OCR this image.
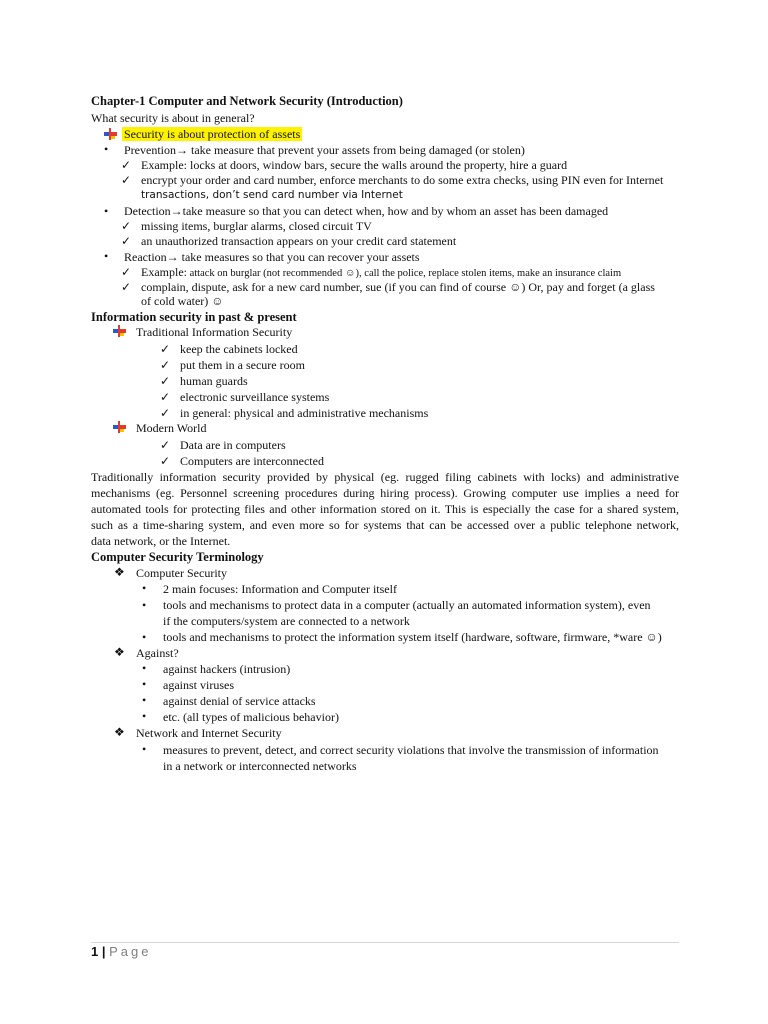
Chapter-1 Computer and Network Security (Introduction)
What security is about in general?
Security is about protection of assets
• Prevention→ take measure that prevent your assets from being damaged (or stolen)
✓ Example: locks at doors, window bars, secure the walls around the property, hire a guard
✓ encrypt your order and card number, enforce merchants to do some extra checks, using PIN even for Internet
transactions, don’t send card number via Internet
• Detection→take measure so that you can detect when, how and by whom an asset has been damaged
✓ missing items, burglar alarms, closed circuit TV
✓ an unauthorized transaction appears on your credit card statement
• Reaction→ take measures so that you can recover your assets
✓ Example: attack on burglar (not recommended ☺), call the police, replace stolen items, make an insurance claim
✓ complain, dispute, ask for a new card number, sue (if you can find of course ☺) Or, pay and forget (a glass
of cold water) ☺
Information security in past & present
Traditional Information Security
✓ keep the cabinets locked
✓ put them in a secure room
✓ human guards
✓ electronic surveillance systems
✓ in general: physical and administrative mechanisms
Modern World
✓ Data are in computers
✓ Computers are interconnected
Traditionally information security provided by physical (eg. rugged filing cabinets with locks) and administrative
mechanisms (eg. Personnel screening procedures during hiring process). Growing computer use implies a need for
automated tools for protecting files and other information stored on it. This is especially the case for a shared system,
such as a time-sharing system, and even more so for systems that can be accessed over a public telephone network,
data network, or the Internet.
Computer Security Terminology
❖ Computer Security
• 2 main focuses: Information and Computer itself
• tools and mechanisms to protect data in a computer (actually an automated information system), even
if the computers/system are connected to a network
• tools and mechanisms to protect the information system itself (hardware, software, firmware, *ware ☺)
❖ Against?
• against hackers (intrusion)
• against viruses
• against denial of service attacks
• etc. (all types of malicious behavior)
❖ Network and Internet Security
• measures to prevent, detect, and correct security violations that involve the transmission of information
in a network or interconnected networks
1 | Page
